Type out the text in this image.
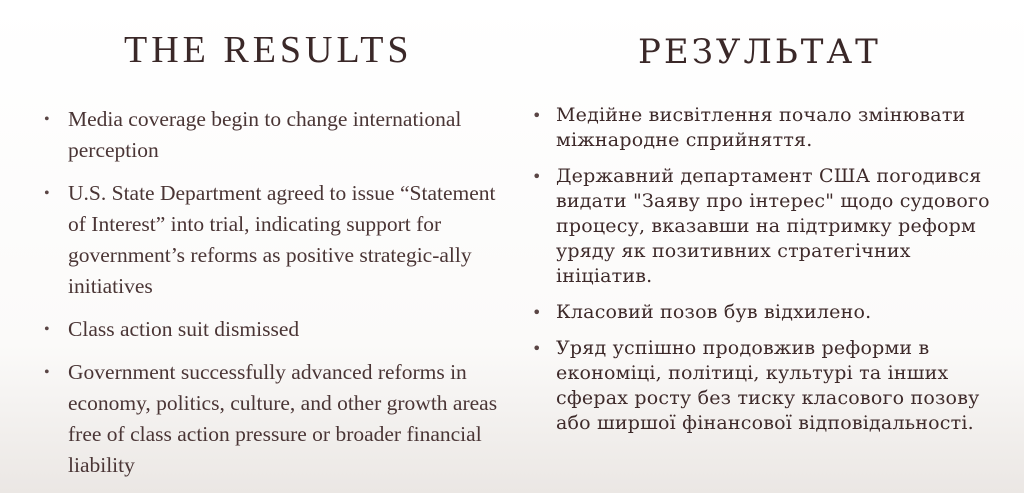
THE RESULTS
• Media coverage begin to change international perception
• U.S. State Department agreed to issue “Statement of Interest” into trial, indicating support for government’s reforms as positive strategic-ally initiatives
• Class action suit dismissed
• Government successfully advanced reforms in economy, politics, culture, and other growth areas free of class action pressure or broader financial liability
РЕЗУЛЬТАТ
• Медійне висвітлення почало змінювати міжнародне сприйняття.
• Державний департамент США погодився видати "Заяву про інтерес" щодо судового процесу, вказавши на підтримку реформ уряду як позитивних стратегічних ініціатив.
• Класовий позов був відхилено.
• Уряд успішно продовжив реформи в економіці, політиці, культурі та інших сферах росту без тиску класового позову або ширшої фінансової відповідальності.
